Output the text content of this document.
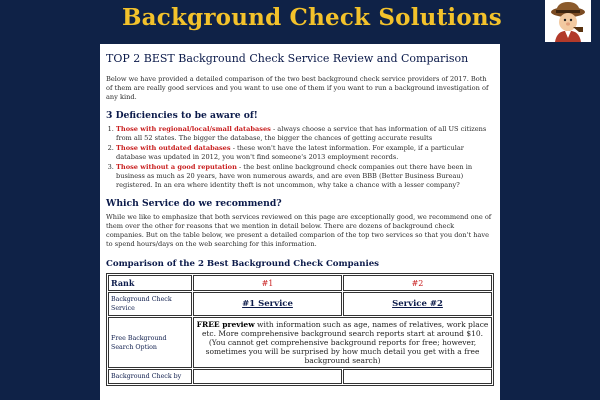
Background Check Solutions
TOP 2 BEST Background Check Service Review and Comparison

Below we have provided a detailed comparison of the two best background check service providers of 2017. Both of them are really good services and you want to use one of them if you want to run a background investigation of any kind.

3 Deficiencies to be aware of!
1. Those with regional/local/small databases - always choose a service that has information of all US citizens from all 52 states. The bigger the database, the bigger the chances of getting accurate results
2. Those with outdated databases - these won't have the latest information. For example, if a particular database was updated in 2012, you won't find someone's 2013 employment records.
3. Those without a good reputation - the best online background check companies out there have been in business as much as 20 years, have won numerous awards, and are even BBB (Better Business Bureau) registered. In an era where identity theft is not uncommon, why take a chance with a lesser company?
Which Service do we recommend?

While we like to emphasize that both services reviewed on this page are exceptionally good, we recommend one of them over the other for reasons that we mention in detail below. There are dozens of background check companies. But on the table below, we present a detailed comparion of the top two services so that you don't have to spend hours/days on the web searching for this information.

Comparison of the 2 Best Background Check Companies
Rank	#1	#2
Background Check Service	#1 Service	Service #2
Free Background Search Option	FREE preview with information such as age, names of relatives, work place etc. More comprehensive background search reports start at around $10. (You cannot get comprehensive background reports for free; however, sometimes you will be surprised by how much detail you get with a free background search)	
Background Check by		
